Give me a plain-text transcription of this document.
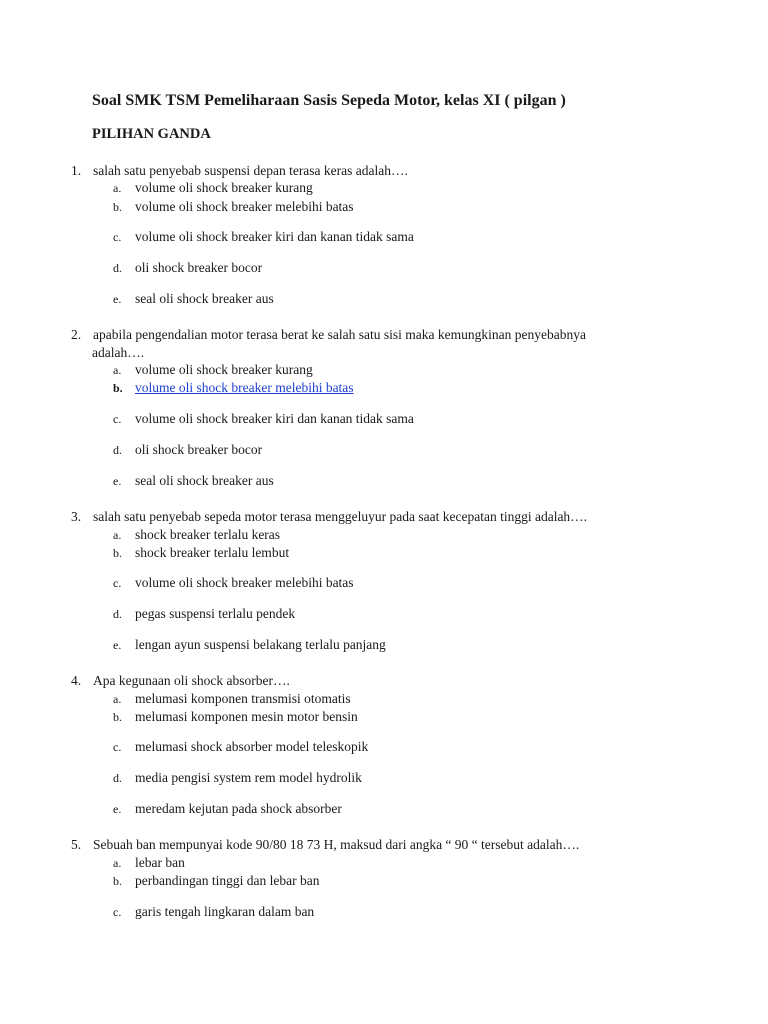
Soal SMK TSM Pemeliharaan Sasis Sepeda Motor, kelas XI ( pilgan )
PILIHAN GANDA
1. salah satu penyebab suspensi depan terasa keras adalah….
a. volume oli shock breaker kurang
b. volume oli shock breaker melebihi batas
c. volume oli shock breaker kiri dan kanan tidak sama
d. oli shock breaker bocor
e. seal oli shock breaker aus
2. apabila pengendalian motor terasa berat ke salah satu sisi maka kemungkinan penyebabnya
adalah….
a. volume oli shock breaker kurang
b. volume oli shock breaker melebihi batas
c. volume oli shock breaker kiri dan kanan tidak sama
d. oli shock breaker bocor
e. seal oli shock breaker aus
3. salah satu penyebab sepeda motor terasa menggeluyur pada saat kecepatan tinggi adalah….
a. shock breaker terlalu keras
b. shock breaker terlalu lembut
c. volume oli shock breaker melebihi batas
d. pegas suspensi terlalu pendek
e. lengan ayun suspensi belakang terlalu panjang
4. Apa kegunaan oli shock absorber….
a. melumasi komponen transmisi otomatis
b. melumasi komponen mesin motor bensin
c. melumasi shock absorber model teleskopik
d. media pengisi system rem model hydrolik
e. meredam kejutan pada shock absorber
5. Sebuah ban mempunyai kode 90/80 18 73 H, maksud dari angka “ 90 “ tersebut adalah….
a. lebar ban
b. perbandingan tinggi dan lebar ban
c. garis tengah lingkaran dalam ban
